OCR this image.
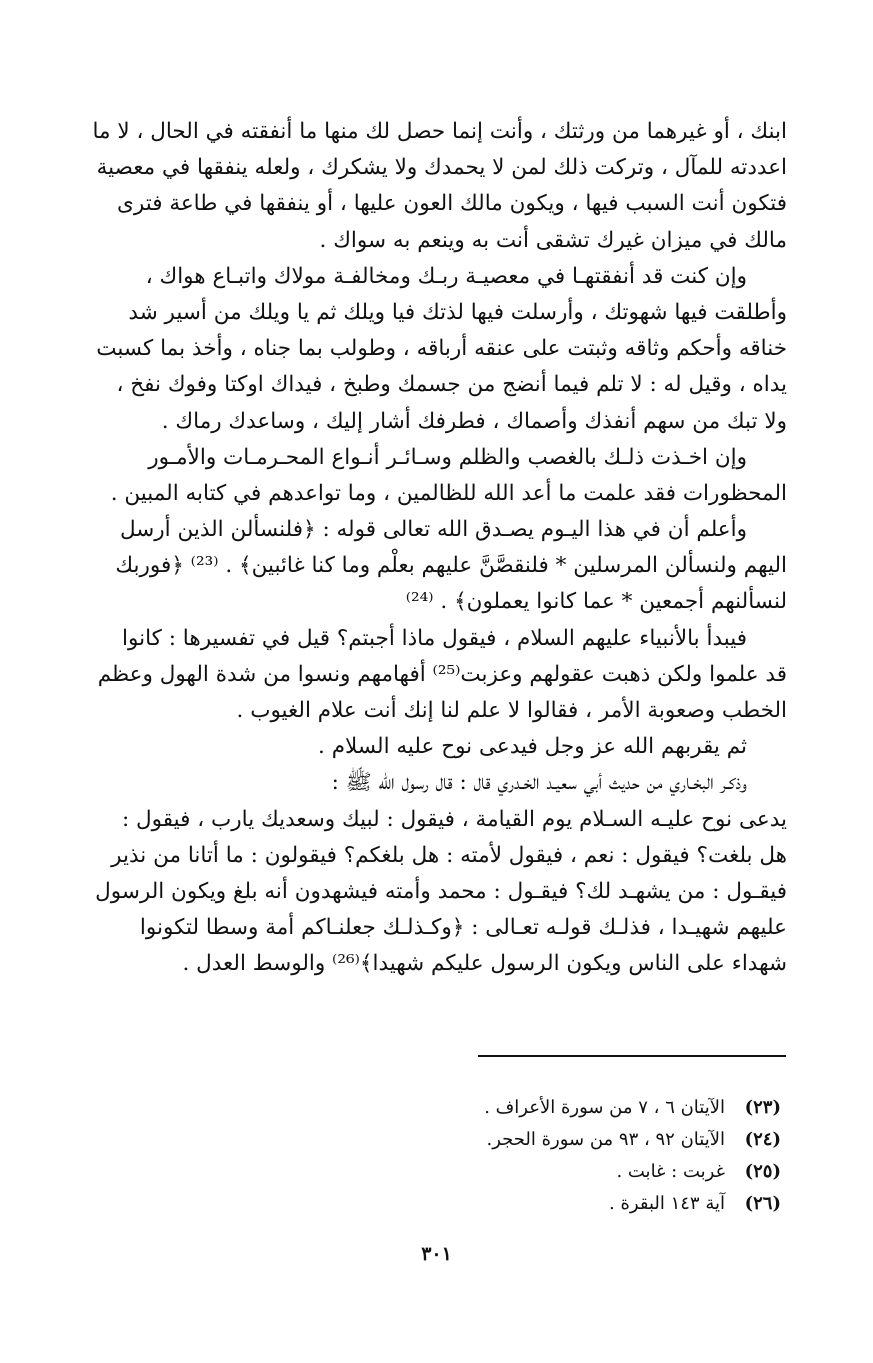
ابنك ، أو غيرهما من ورثتك ، وأنت إنما حصل لك منها ما أنفقته في الحال ، لا ما
اعددته للمآل ، وتركت ذلك لمن لا يحمدك ولا يشكرك ، ولعله ينفقها في معصية
فتكون أنت السبب فيها ، ويكون مالك العون عليها ، أو ينفقها في طاعة فترى
مالك في ميزان غيرك تشقى أنت به وينعم به سواك .
وإن كنت قد أنفقتهـا في معصيـة ربـك ومخالفـة مولاك واتبـاع هواك ،
وأطلقت فيها شهوتك ، وأرسلت فيها لذتك فيا ويلك ثم يا ويلك من أسير شد
خناقه وأحكم وثاقه وثبتت على عنقه أرباقه ، وطولب بما جناه ، وأخذ بما كسبت
يداه ، وقيل له : لا تلم فيما أنضج من جسمك وطبخ ، فيداك اوكتا وفوك نفخ ،
ولا تبك من سهم أنفذك وأصماك ، فطرفك أشار إليك ، وساعدك رماك .
وإن اخـذت ذلـك بالغصب والظلم وسـائـر أنـواع المحـرمـات والأمـور
المحظورات فقد علمت ما أعد الله للظالمين ، وما تواعدهم في كتابه المبين .
وأعلم أن في هذا اليـوم يصـدق الله تعالى قوله : ﴿فلنسألن الذين أرسل
اليهم ولنسألن المرسلين * فلنقصَّنَّ عليهم بعلْم وما كنا غائبين﴾ . ⁽²³⁾ ﴿فوربك
لنسألنهم أجمعين * عما كانوا يعملون﴾ . ⁽²⁴⁾
فيبدأ بالأنبياء عليهم السلام ، فيقول ماذا أجبتم؟ قيل في تفسيرها : كانوا
قد علموا ولكن ذهبت عقولهم وعزبت⁽²⁵⁾ أفهامهم ونسوا من شدة الهول وعظم
الخطب وصعوبة الأمر ، فقالوا لا علم لنا إنك أنت علام الغيوب .
ثم يقربهم الله عز وجل فيدعى نوح عليه السلام .
وذكـر البخـاري من حديث أبي سعيـد الخـدري قال : قال رسول الله ﷺ :
يدعى نوح عليـه السـلام يوم القيامة ، فيقول : لبيك وسعديك يارب ، فيقول :
هل بلغت؟ فيقول : نعم ، فيقول لأمته : هل بلغكم؟ فيقولون : ما أتانا من نذير
فيقـول : من يشهـد لك؟ فيقـول : محمد وأمته فيشهدون أنه بلغ ويكون الرسول
عليهم شهيـدا ، فذلـك قولـه تعـالى : ﴿وكـذلـك جعلنـاكم أمة وسطا لتكونوا
شهداء على الناس ويكون الرسول عليكم شهيدا﴾⁽²⁶⁾ والوسط العدل .
(٢٣)
الآيتان ٦ ، ٧ من سورة الأعراف .
(٢٤)
الآيتان ٩٢ ، ٩٣ من سورة الحجر.
(٢٥)
غربت : غابت .
(٢٦)
آية ١٤٣ البقرة .
٣٠١
